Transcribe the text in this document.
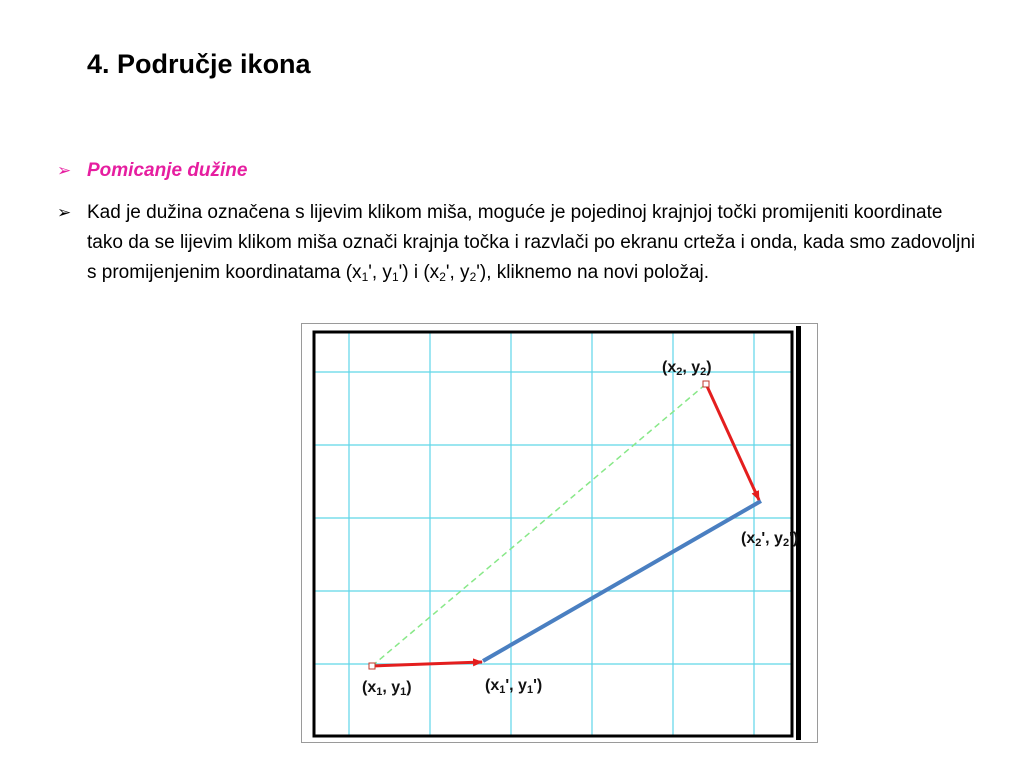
4. Područje ikona
➢ Pomicanje dužine
➢ Kad je dužina označena s lijevim klikom miša, moguće je pojedinoj krajnjoj točki promijeniti koordinate tako da se lijevim klikom miša označi krajnja točka i razvlači po ekranu crteža i onda, kada smo zadovoljni s promijenjenim koordinatama ($x_1'$, $y_1'$) i ($x_2'$, $y_2'$), kliknemo na novi položaj.
(x1, y1)	(x1', y1')
(x2, y2)
(x2', y2')
